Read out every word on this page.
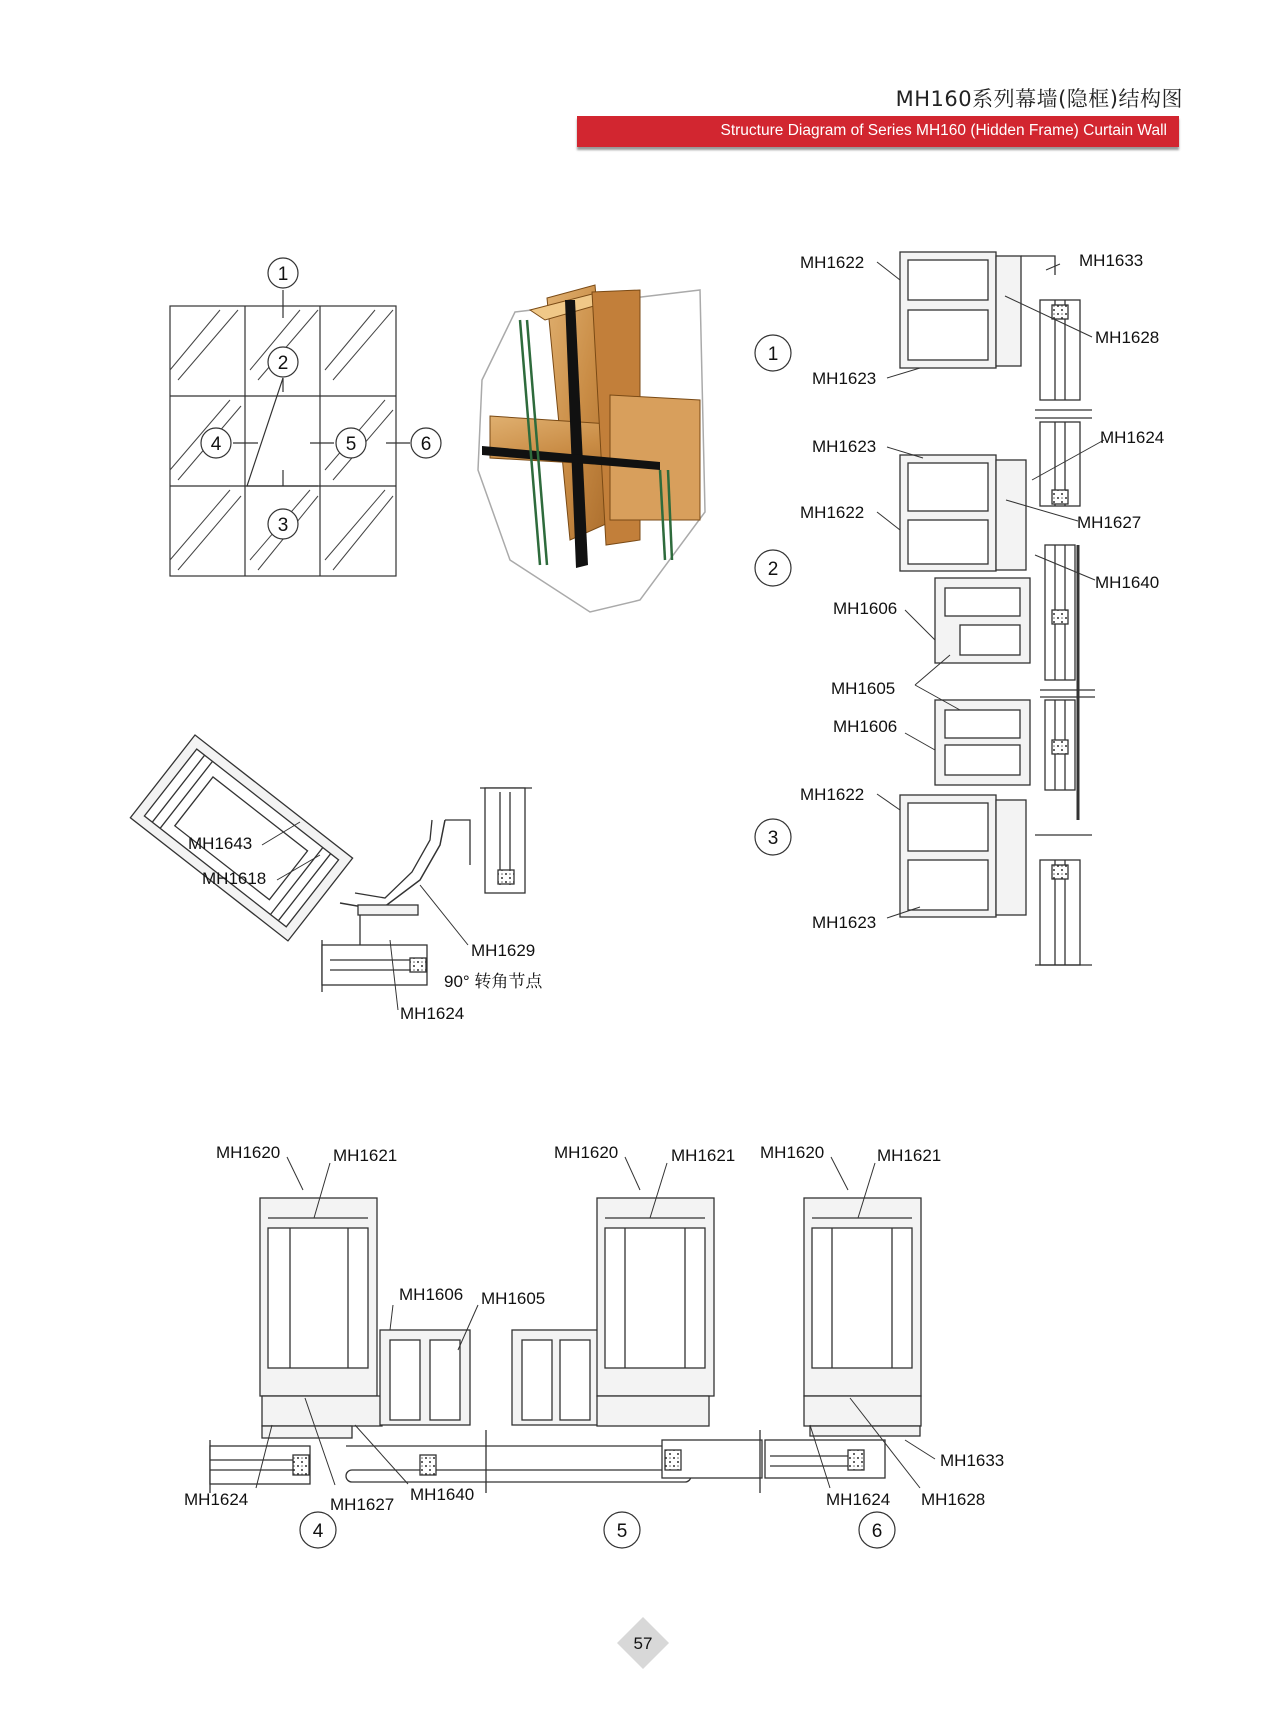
MH160系列幕墙(隐框)结构图
Structure Diagram of Series MH160 (Hidden Frame) Curtain Wall
1
2
3
4	5	6
MH1643
MH1618
MH1629
MH1624
90° 转角节点
MH1622	MH1633
MH1628
MH1623
MH1623	MH1624
MH1622
MH1627
MH1640
MH1606
MH1605
MH1606
MH1622
MH1623
1
2
3
MH1620	MH1621
MH1606 MH1605
MH1624	MH1627
MH1640
MH1620	MH1621 MH1620	MH1621
MH1633
MH1624 MH1628
4	5	6
57
